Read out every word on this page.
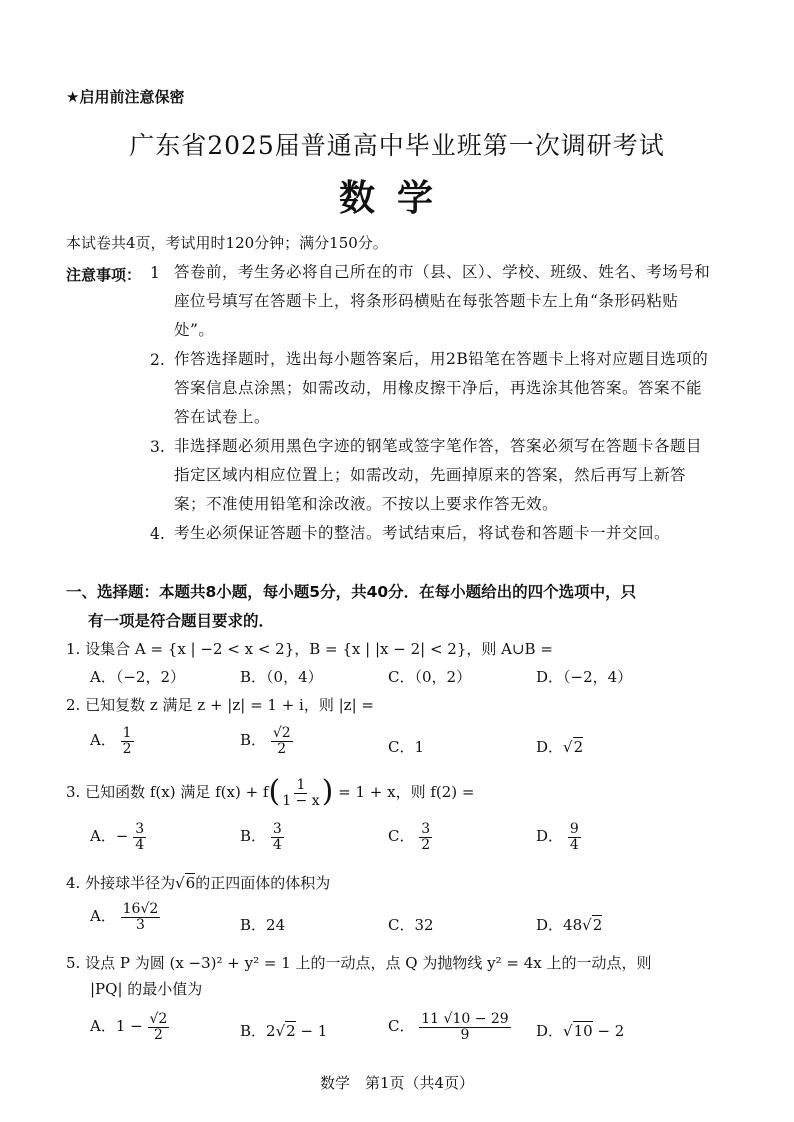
★启用前注意保密
广东省2025届普通高中毕业班第一次调研考试
数学
本试卷共4页，考试用时120分钟；满分150分。
注意事项： 1 答卷前，考生务必将自己所在的市（县、区）、学校、班级、姓名、考场号和座位号填写在答题卡上，将条形码横贴在每张答题卡左上角“条形码粘贴处”。
2. 作答选择题时，选出每小题答案后，用2B铅笔在答题卡上将对应题目选项的答案信息点涂黑；如需改动，用橡皮擦干净后，再选涂其他答案。答案不能答在试卷上。
3. 非选择题必须用黑色字迹的钢笔或签字笔作答，答案必须写在答题卡各题目指定区域内相应位置上；如需改动，先画掉原来的答案，然后再写上新答案；不准使用铅笔和涂改液。不按以上要求作答无效。
4. 考生必须保证答题卡的整洁。考试结束后，将试卷和答题卡一并交回。
一、选择题：本题共8小题，每小题5分，共40分．在每小题给出的四个选项中，只
有一项是符合题目要求的．
1. 设集合 A = {x | −2 < x < 2}，B = {x | |x − 2| < 2}，则 A∪B =
A．（−2，2）	B．（0，4）	C．（0，2）	D．（−2，4）
2. 已知复数 z 满足 z + |z| = 1 + i，则 |z| =
A． $\frac{1}{2}$	B． $\frac{√2}{2}$	C．1	D．√2
3. 已知函数 f(x) 满足 $f(x) + f( \frac{1}{1 - x}$ ) = 1 + x，则 f(2) =
A．− $\frac{3}{4}$	B． $\frac{3}{4}$	C． $\frac{3}{2}$	D． $\frac{9}{4}$
4. 外接球半径为√6的正四面体的体积为
A． $\frac{16√2}{3}$	B．24	C．32	D．48√2
5. 设点 P 为圆 (x −3)² + y² = 1 上的一动点，点 Q 为抛物线 y² = 4x 上的一动点，则
|PQ| 的最小值为
A．$1 - \frac{√2}{2}$	B．2√2 − 1	C． $\frac{11 √10 - 29}{9}$ D．√10 − 2
数学　第1页（共4页）
